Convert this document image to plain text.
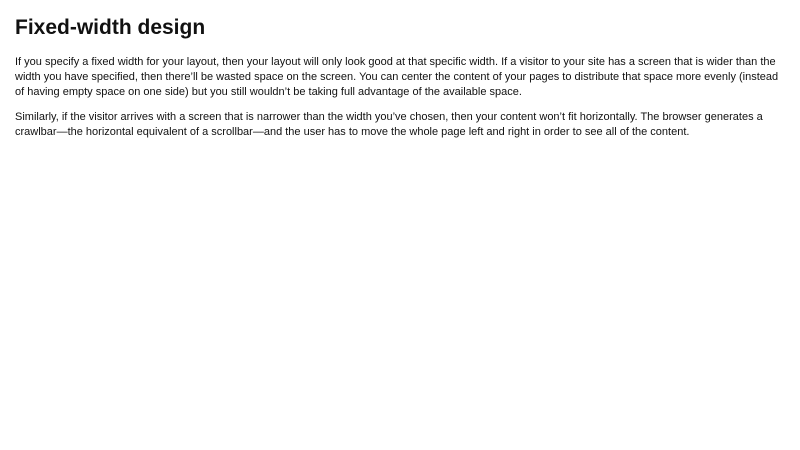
Fixed-width design

If you specify a fixed width for your layout, then your layout will only look good at that specific width. If a visitor to your site has a screen that is wider than the width you have specified, then there’ll be wasted space on the screen. You can center the content of your pages to distribute that space more evenly (instead of having empty space on one side) but you still wouldn’t be taking full advantage of the available space.

Similarly, if the visitor arrives with a screen that is narrower than the width you’ve chosen, then your content won’t fit horizontally. The browser generates a crawlbar—the horizontal equivalent of a scrollbar—and the user has to move the whole page left and right in order to see all of the content.
